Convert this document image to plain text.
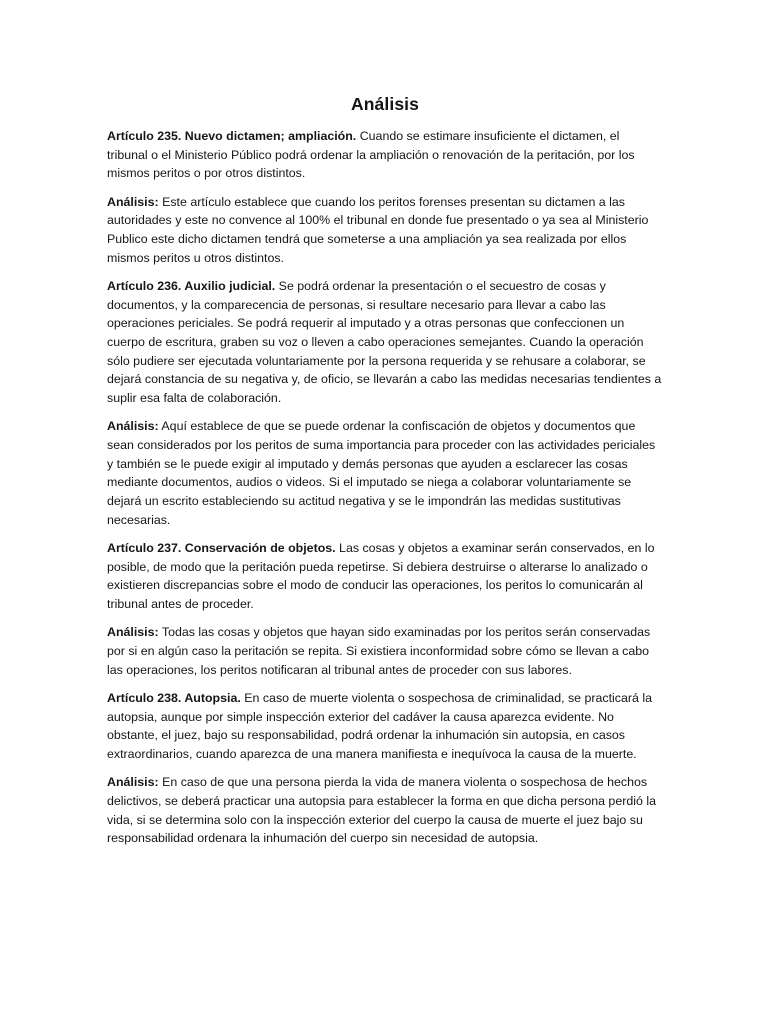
Análisis

Artículo 235. Nuevo dictamen; ampliación. Cuando se estimare insuficiente el dictamen, el tribunal o el Ministerio Público podrá ordenar la ampliación o renovación de la peritación, por los mismos peritos o por otros distintos.

Análisis: Este artículo establece que cuando los peritos forenses presentan su dictamen a las autoridades y este no convence al 100% el tribunal en donde fue presentado o ya sea al Ministerio Publico este dicho dictamen tendrá que someterse a una ampliación ya sea realizada por ellos mismos peritos u otros distintos.

Artículo 236. Auxilio judicial. Se podrá ordenar la presentación o el secuestro de cosas y documentos, y la comparecencia de personas, si resultare necesario para llevar a cabo las operaciones periciales. Se podrá requerir al imputado y a otras personas que confeccionen un cuerpo de escritura, graben su voz o lleven a cabo operaciones semejantes. Cuando la operación sólo pudiere ser ejecutada voluntariamente por la persona requerida y se rehusare a colaborar, se dejará constancia de su negativa y, de oficio, se llevarán a cabo las medidas necesarias tendientes a suplir esa falta de colaboración.

Análisis: Aquí establece de que se puede ordenar la confiscación de objetos y documentos que sean considerados por los peritos de suma importancia para proceder con las actividades periciales y también se le puede exigir al imputado y demás personas que ayuden a esclarecer las cosas mediante documentos, audios o videos. Si el imputado se niega a colaborar voluntariamente se dejará un escrito estableciendo su actitud negativa y se le impondrán las medidas sustitutivas necesarias.

Artículo 237. Conservación de objetos. Las cosas y objetos a examinar serán conservados, en lo posible, de modo que la peritación pueda repetirse. Si debiera destruirse o alterarse lo analizado o existieren discrepancias sobre el modo de conducir las operaciones, los peritos lo comunicarán al tribunal antes de proceder.

Análisis: Todas las cosas y objetos que hayan sido examinadas por los peritos serán conservadas por si en algún caso la peritación se repita. Si existiera inconformidad sobre cómo se llevan a cabo las operaciones, los peritos notificaran al tribunal antes de proceder con sus labores.

Artículo 238. Autopsia. En caso de muerte violenta o sospechosa de criminalidad, se practicará la autopsia, aunque por simple inspección exterior del cadáver la causa aparezca evidente. No obstante, el juez, bajo su responsabilidad, podrá ordenar la inhumación sin autopsia, en casos extraordinarios, cuando aparezca de una manera manifiesta e inequívoca la causa de la muerte.

Análisis: En caso de que una persona pierda la vida de manera violenta o sospechosa de hechos delictivos, se deberá practicar una autopsia para establecer la forma en que dicha persona perdió la vida, si se determina solo con la inspección exterior del cuerpo la causa de muerte el juez bajo su responsabilidad ordenara la inhumación del cuerpo sin necesidad de autopsia.
